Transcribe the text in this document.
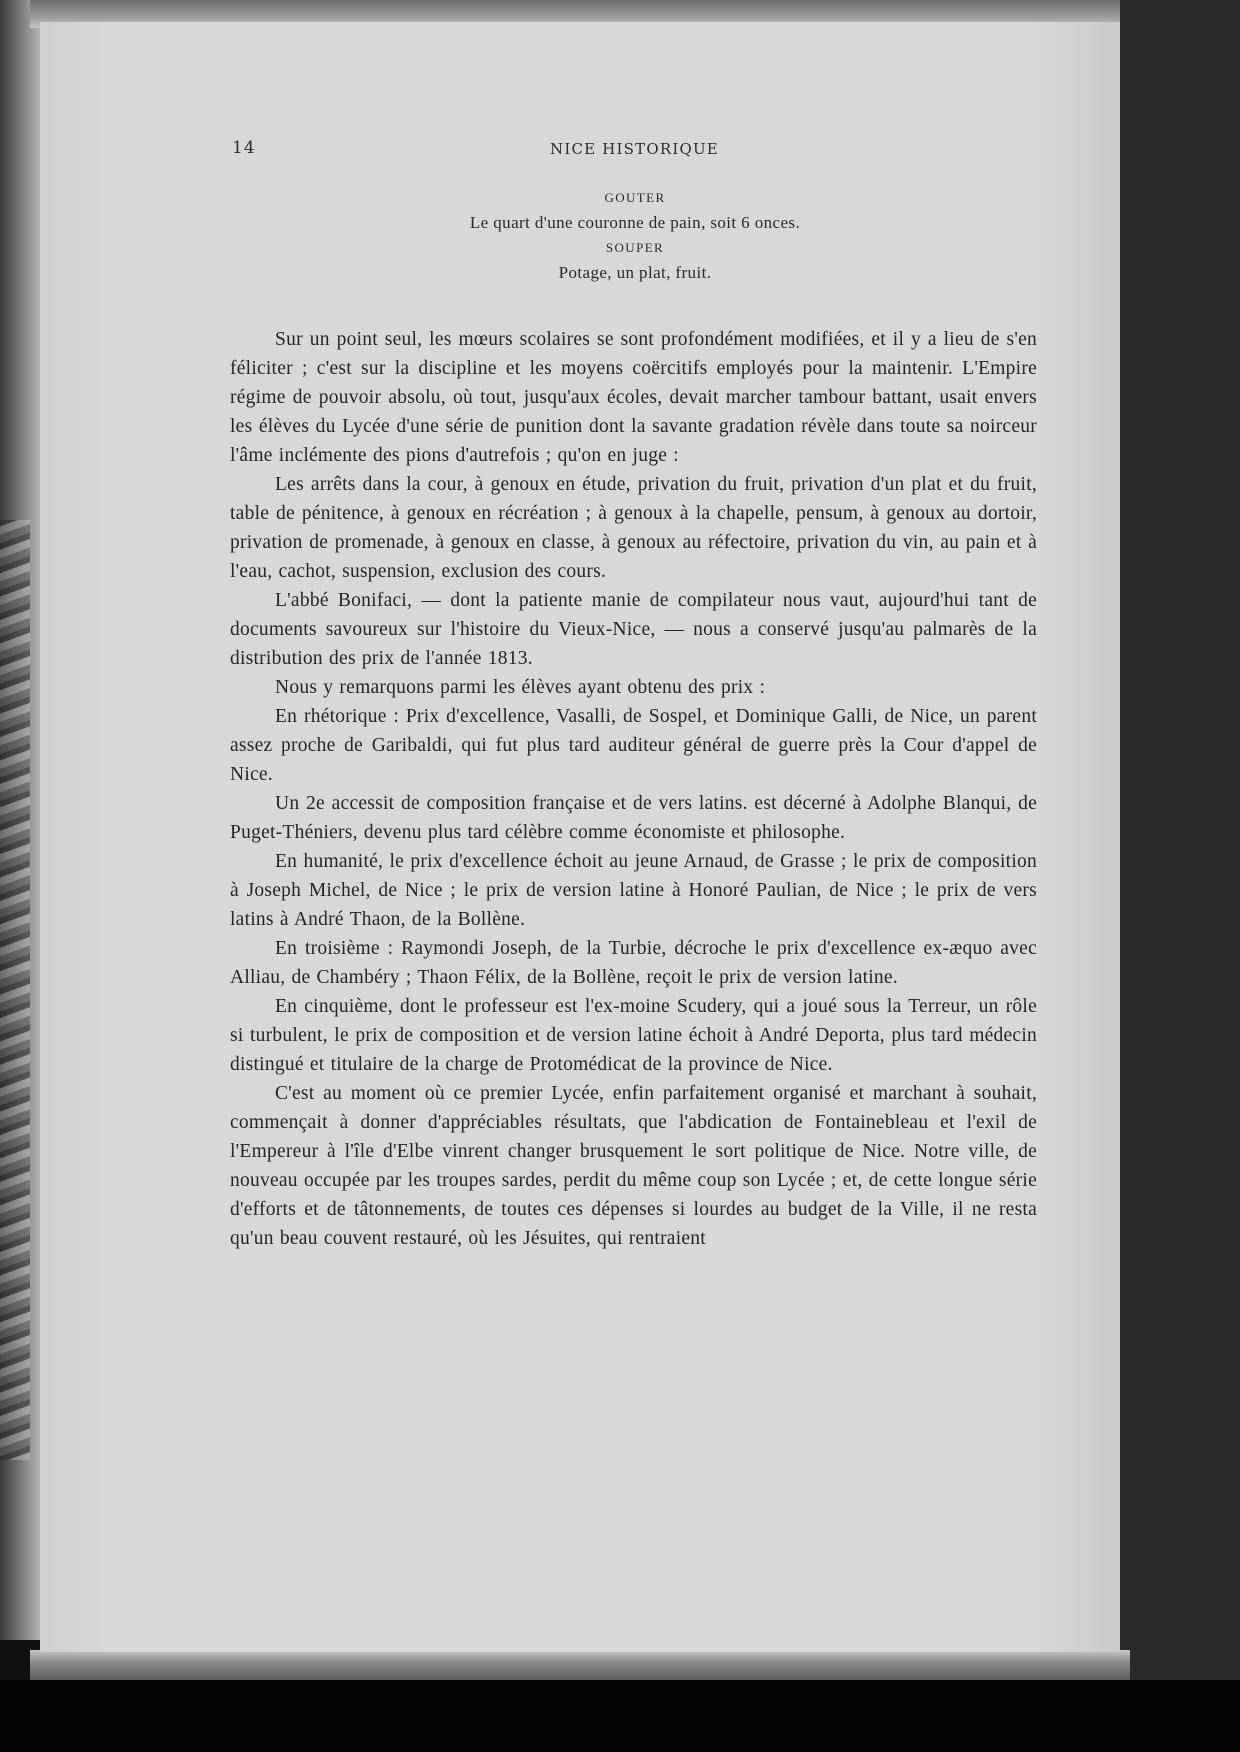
14	NICE HISTORIQUE

GOUTER

Le quart d'une couronne de pain, soit 6 onces.

SOUPER

Potage, un plat, fruit.

Sur un point seul, les mœurs scolaires se sont profondément modifiées, et il y a lieu de s'en féliciter ; c'est sur la discipline et les moyens coërcitifs employés pour la maintenir. L'Empire régime de pouvoir absolu, où tout, jusqu'aux écoles, devait marcher tambour battant, usait envers les élèves du Lycée d'une série de punition dont la savante gradation révèle dans toute sa noirceur l'âme inclémente des pions d'autrefois ; qu'on en juge :

Les arrêts dans la cour, à genoux en étude, privation du fruit, privation d'un plat et du fruit, table de pénitence, à genoux en récréation ; à genoux à la chapelle, pensum, à genoux au dortoir, privation de promenade, à genoux en classe, à genoux au réfectoire, privation du vin, au pain et à l'eau, cachot, suspension, exclusion des cours.

L'abbé Bonifaci, — dont la patiente manie de compilateur nous vaut, aujourd'hui tant de documents savoureux sur l'histoire du Vieux-Nice, — nous a conservé jusqu'au palmarès de la distribution des prix de l'année 1813.

Nous y remarquons parmi les élèves ayant obtenu des prix :

En rhétorique : Prix d'excellence, Vasalli, de Sospel, et Dominique Galli, de Nice, un parent assez proche de Garibaldi, qui fut plus tard auditeur général de guerre près la Cour d'appel de Nice.

Un 2e accessit de composition française et de vers latins. est décerné à Adolphe Blanqui, de Puget-Théniers, devenu plus tard célèbre comme économiste et philosophe.

En humanité, le prix d'excellence échoit au jeune Arnaud, de Grasse ; le prix de composition à Joseph Michel, de Nice ; le prix de version latine à Honoré Paulian, de Nice ; le prix de vers latins à André Thaon, de la Bollène.

En troisième : Raymondi Joseph, de la Turbie, décroche le prix d'excellence ex-æquo avec Alliau, de Chambéry ; Thaon Félix, de la Bollène, reçoit le prix de version latine.

En cinquième, dont le professeur est l'ex-moine Scudery, qui a joué sous la Terreur, un rôle si turbulent, le prix de composition et de version latine échoit à André Deporta, plus tard médecin distingué et titulaire de la charge de Protomédicat de la province de Nice.

C'est au moment où ce premier Lycée, enfin parfaitement organisé et marchant à souhait, commençait à donner d'appréciables résultats, que l'abdication de Fontainebleau et l'exil de l'Empereur à l'île d'Elbe vinrent changer brusquement le sort politique de Nice. Notre ville, de nouveau occupée par les troupes sardes, perdit du même coup son Lycée ; et, de cette longue série d'efforts et de tâtonnements, de toutes ces dépenses si lourdes au budget de la Ville, il ne resta qu'un beau couvent restauré, où les Jésuites, qui rentraient
